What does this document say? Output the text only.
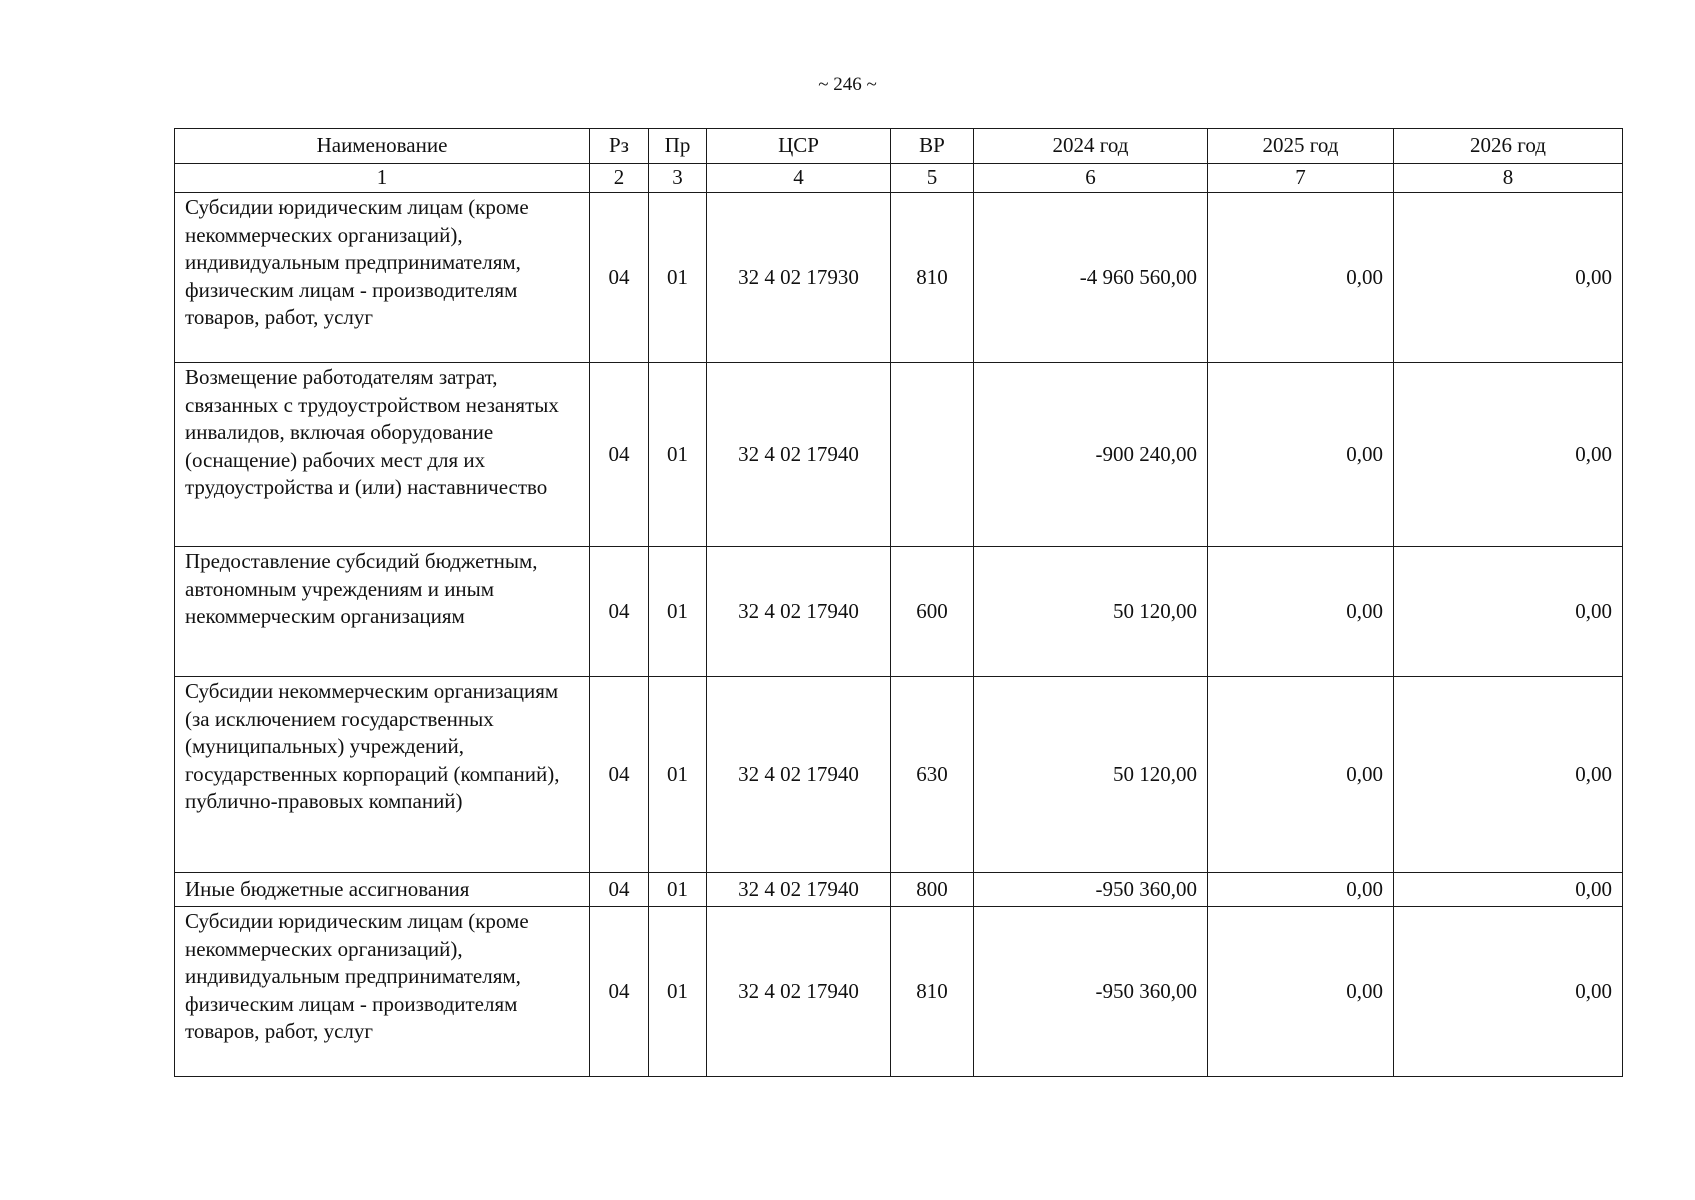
~ 246 ~
Наименование	Рз	Пр	ЦСР	ВР	2024 год	2025 год	2026 год
1	2	3	4	5	6	7	8
Субсидии юридическим лицам (кроме некоммерческих организаций), индивидуальным предпринимателям, физическим лицам - производителям товаров, работ, услуг	04	01	32 4 02 17930	810	-4 960 560,00	0,00	0,00
Возмещение работодателям затрат, связанных с трудоустройством незанятых инвалидов, включая оборудование (оснащение) рабочих мест для их трудоустройства и (или) наставничество	04	01	32 4 02 17940		-900 240,00	0,00	0,00
Предоставление субсидий бюджетным, автономным учреждениям и иным некоммерческим организациям	04	01	32 4 02 17940	600	50 120,00	0,00	0,00
Субсидии некоммерческим организациям (за исключением государственных (муниципальных) учреждений, государственных корпораций (компаний), публично-правовых компаний)	04	01	32 4 02 17940	630	50 120,00	0,00	0,00
Иные бюджетные ассигнования	04	01	32 4 02 17940	800	-950 360,00	0,00	0,00
Субсидии юридическим лицам (кроме некоммерческих организаций), индивидуальным предпринимателям, физическим лицам - производителям товаров, работ, услуг	04	01	32 4 02 17940	810	-950 360,00	0,00	0,00
